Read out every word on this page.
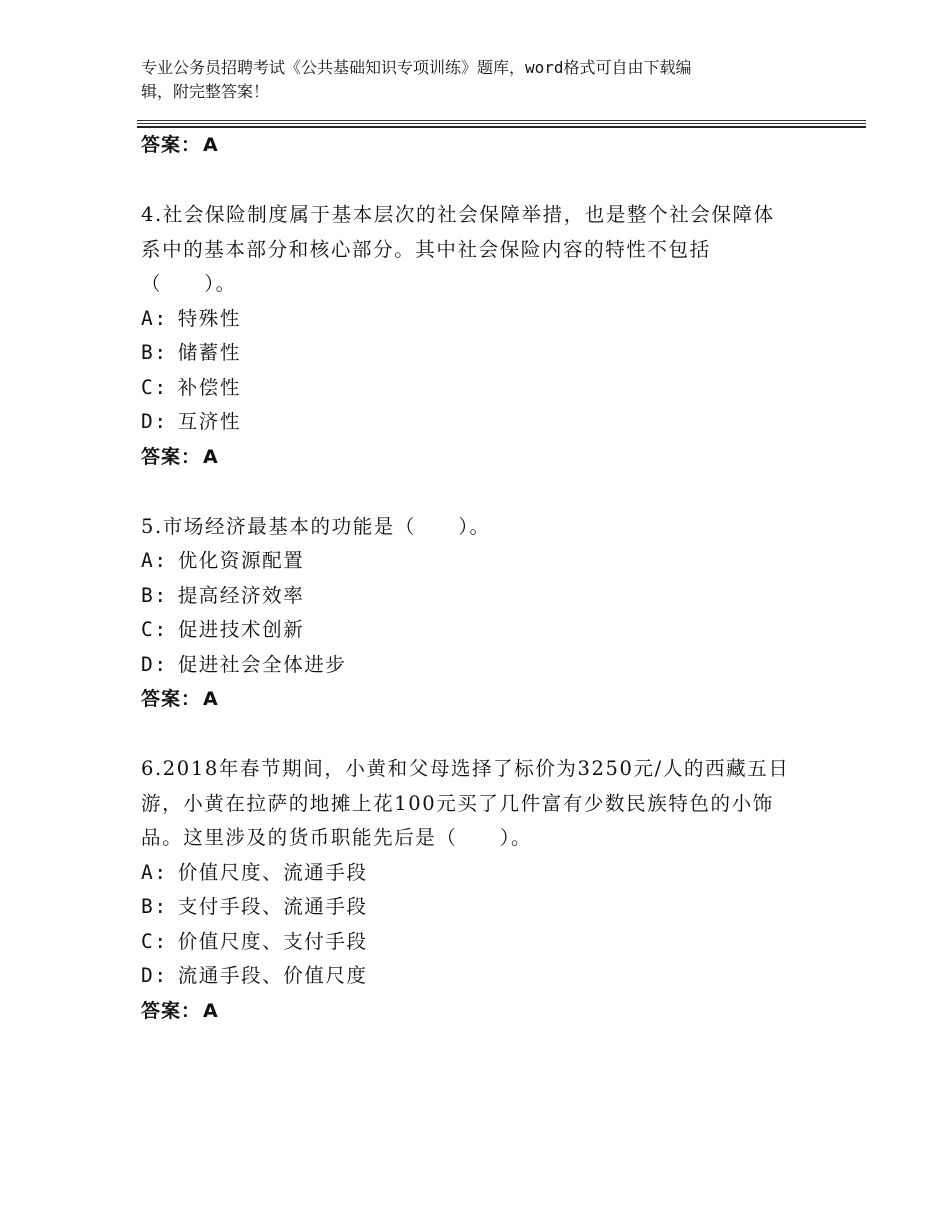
专业公务员招聘考试《公共基础知识专项训练》题库，word格式可自由下载编
辑，附完整答案！

答案： A

4.社会保险制度属于基本层次的社会保障举措，也是整个社会保障体

系中的基本部分和核心部分。其中社会保险内容的特性不包括

（　　）。

A: 特殊性

B: 储蓄性

C: 补偿性

D: 互济性

答案： A

5.市场经济最基本的功能是（　　）。

A: 优化资源配置

B: 提高经济效率

C: 促进技术创新

D: 促进社会全体进步

答案： A

6.2018年春节期间，小黄和父母选择了标价为3250元/人的西藏五日

游，小黄在拉萨的地摊上花100元买了几件富有少数民族特色的小饰

品。这里涉及的货币职能先后是（　　）。

A: 价值尺度、流通手段

B: 支付手段、流通手段

C: 价值尺度、支付手段

D: 流通手段、价值尺度

答案： A
